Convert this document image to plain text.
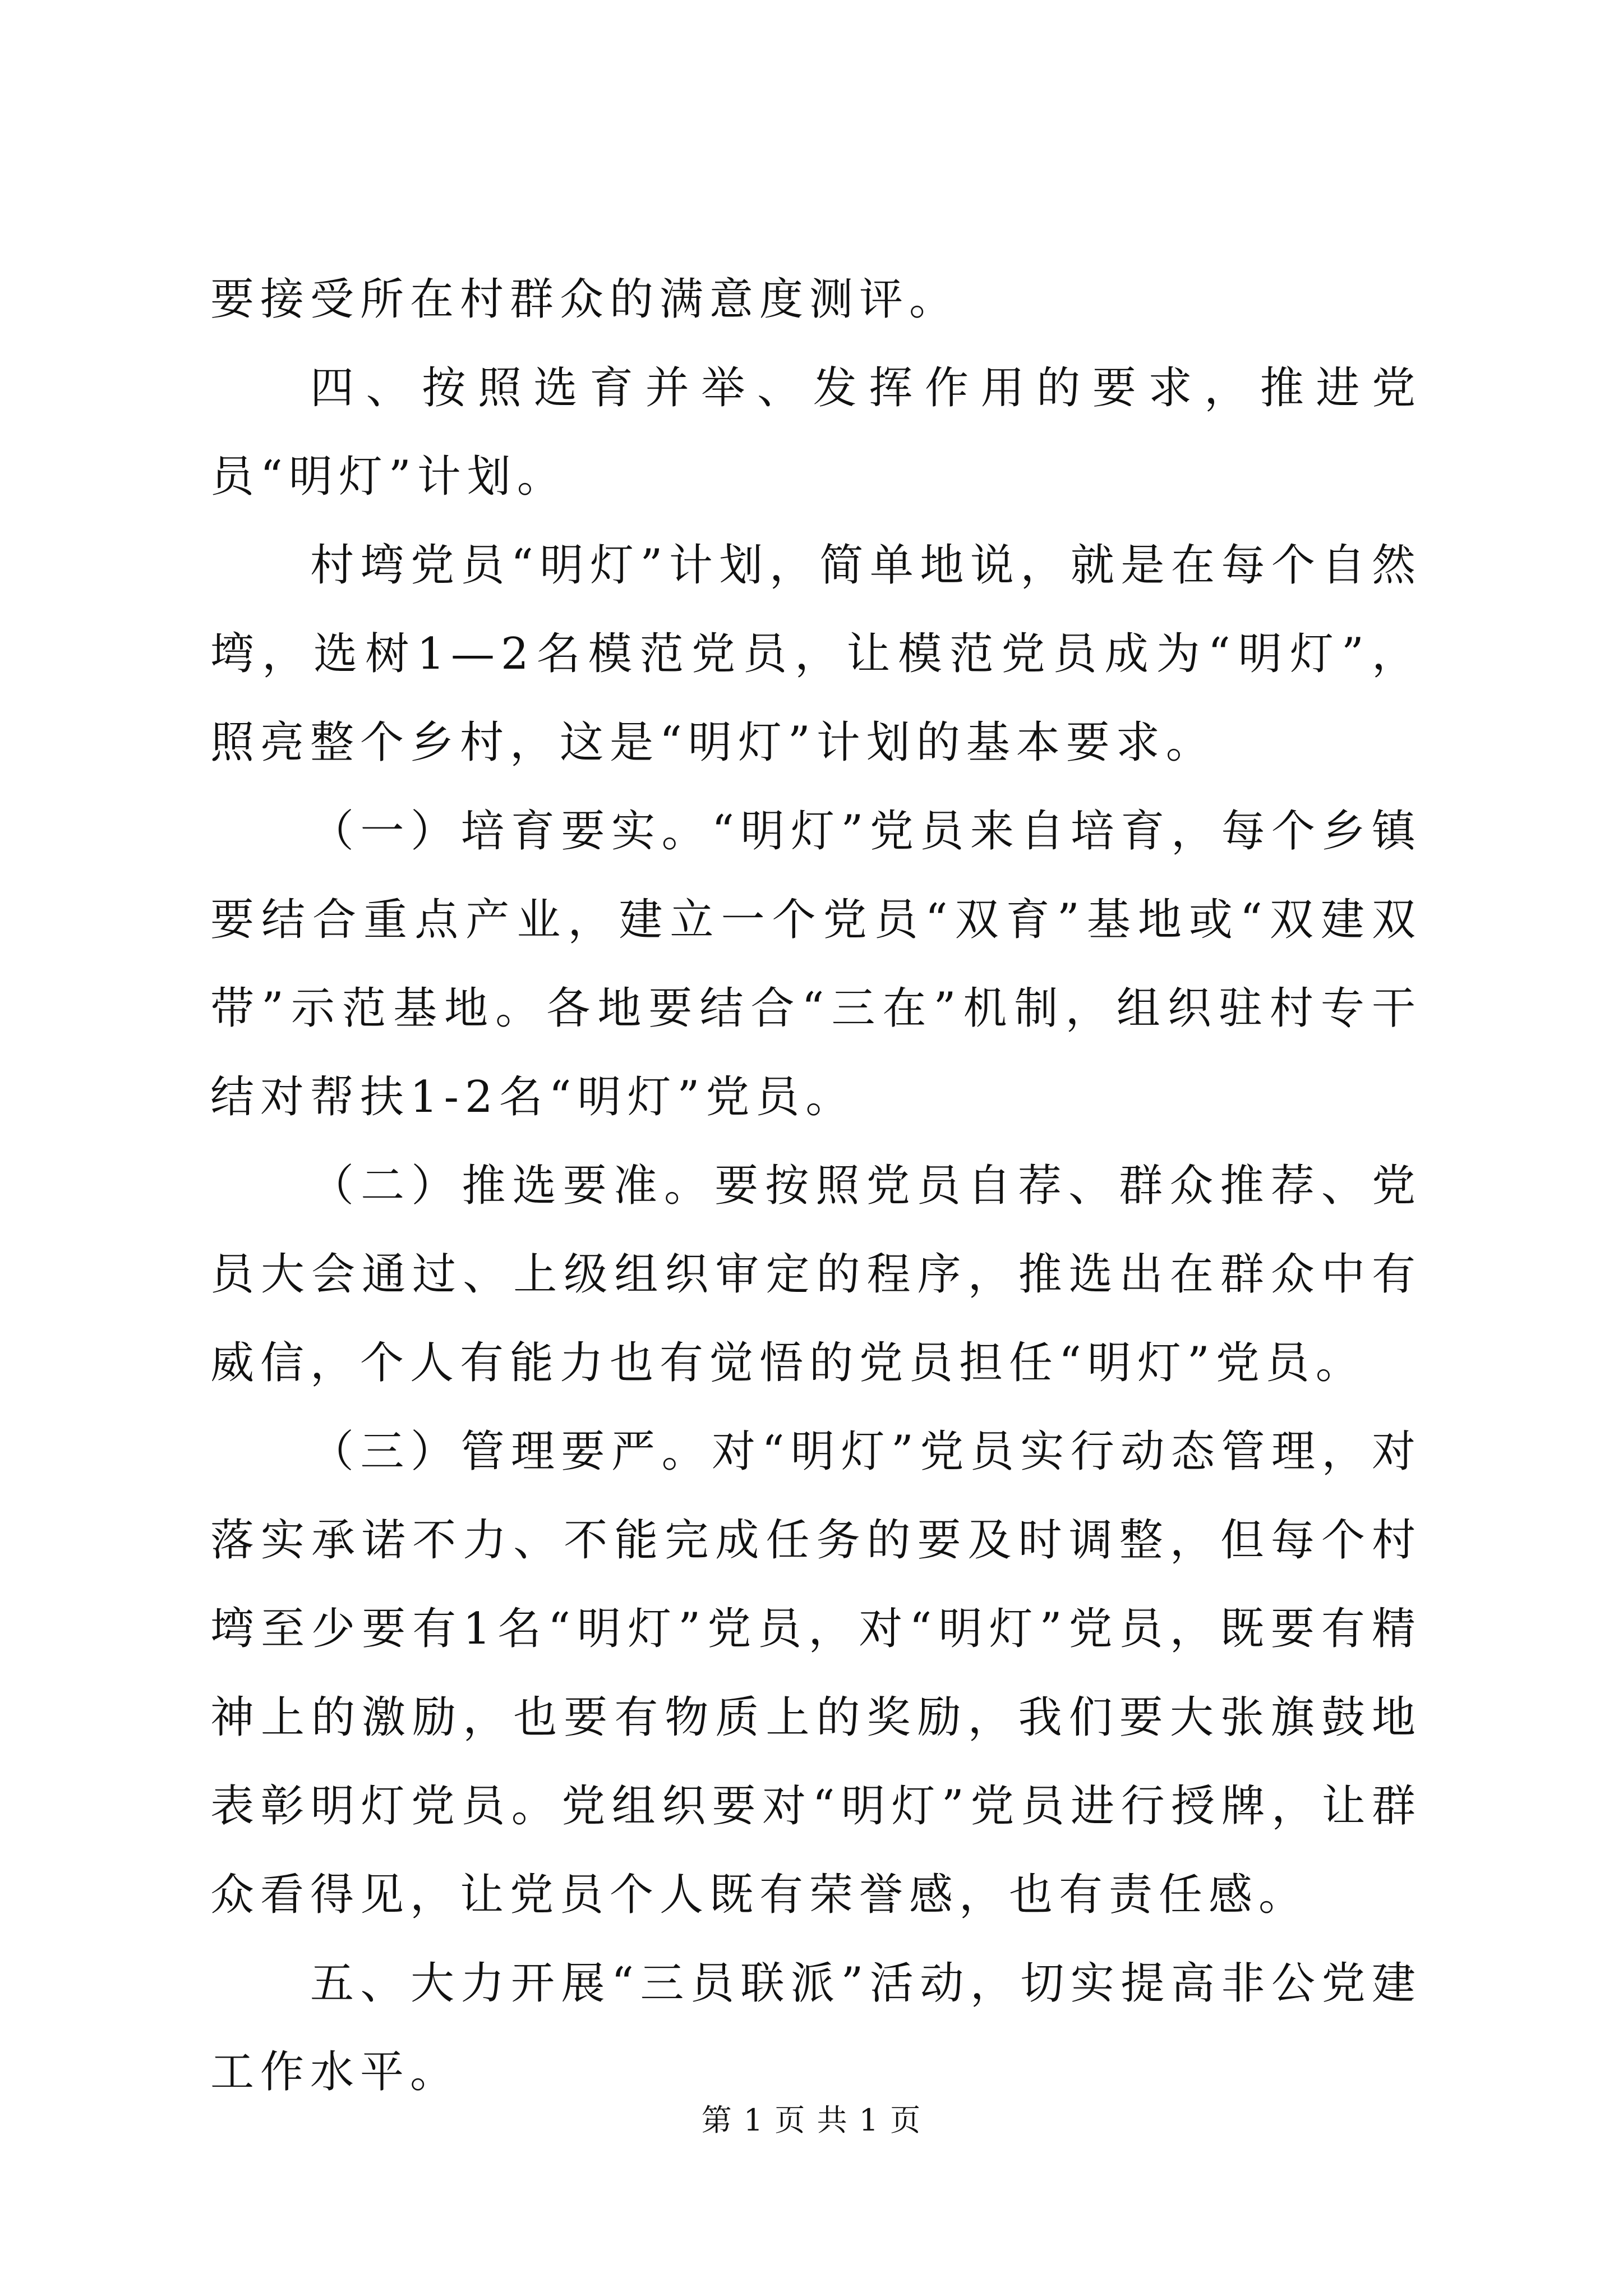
要接受所在村群众的满意度测评。

四、按照选育并举、发挥作用的要求，推进党员“明灯”计划。

村塆党员“明灯”计划，简单地说，就是在每个自然塆，选树1—2名模范党员，让模范党员成为“明灯”，照亮整个乡村，这是“明灯”计划的基本要求。

（一）培育要实。“明灯”党员来自培育，每个乡镇要结合重点产业，建立一个党员“双育”基地或“双建双带”示范基地。各地要结合“三在”机制，组织驻村专干结对帮扶1-2名“明灯”党员。

（二）推选要准。要按照党员自荐、群众推荐、党员大会通过、上级组织审定的程序，推选出在群众中有威信，个人有能力也有觉悟的党员担任“明灯”党员。

（三）管理要严。对“明灯”党员实行动态管理，对落实承诺不力、不能完成任务的要及时调整，但每个村塆至少要有1名“明灯”党员，对“明灯”党员，既要有精神上的激励，也要有物质上的奖励，我们要大张旗鼓地表彰明灯党员。党组织要对“明灯”党员进行授牌，让群众看得见，让党员个人既有荣誉感，也有责任感。

五、大力开展“三员联派”活动，切实提高非公党建工作水平。

第 1 页 共 1 页
